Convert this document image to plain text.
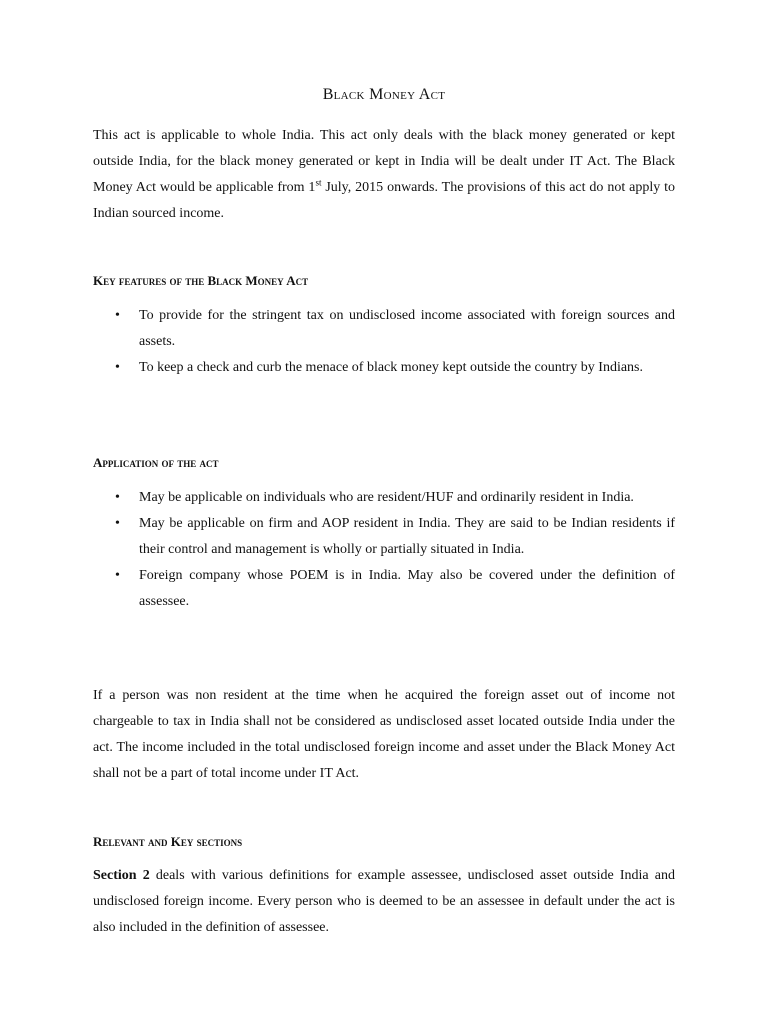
Black Money Act

This act is applicable to whole India. This act only deals with the black money generated or kept outside India, for the black money generated or kept in India will be dealt under IT Act. The Black Money Act would be applicable from 1st July, 2015 onwards. The provisions of this act do not apply to Indian sourced income.

Key features of the Black Money Act
• To provide for the stringent tax on undisclosed income associated with foreign sources and assets.
• To keep a check and curb the menace of black money kept outside the country by Indians.
Application of the act
• May be applicable on individuals who are resident/HUF and ordinarily resident in India.
• May be applicable on firm and AOP resident in India. They are said to be Indian residents if their control and management is wholly or partially situated in India.
• Foreign company whose POEM is in India. May also be covered under the definition of assessee.

If a person was non resident at the time when he acquired the foreign asset out of income not chargeable to tax in India shall not be considered as undisclosed asset located outside India under the act. The income included in the total undisclosed foreign income and asset under the Black Money Act shall not be a part of total income under IT Act.

Relevant and Key sections

Section 2 deals with various definitions for example assessee, undisclosed asset outside India and undisclosed foreign income. Every person who is deemed to be an assessee in default under the act is also included in the definition of assessee.
